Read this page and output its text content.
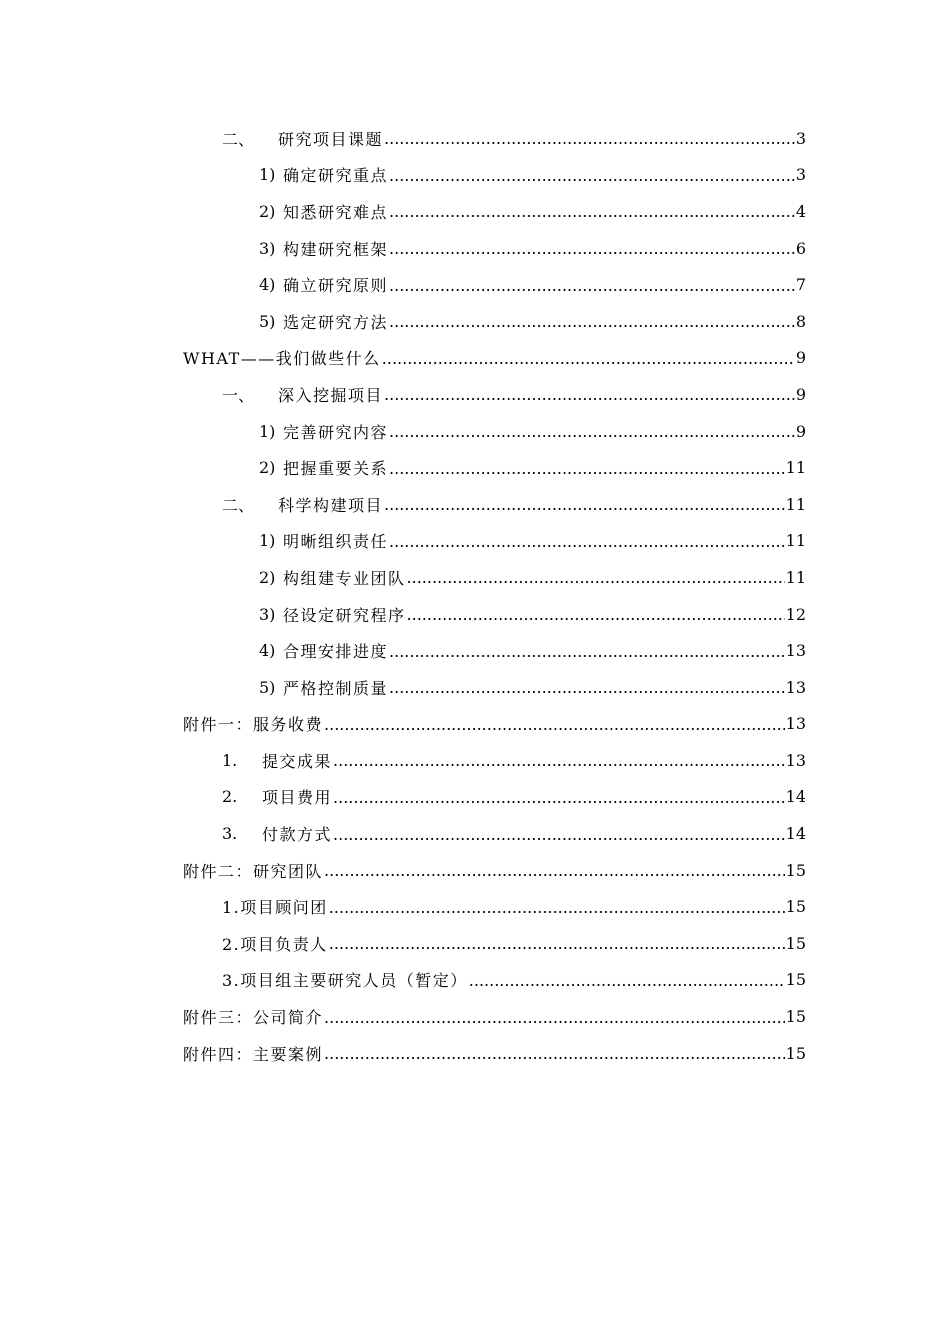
二、	研究项目课题 .....	3
1) 确定研究重点 .....	3
2) 知悉研究难点 .....	4
3) 构建研究框架 .....	6
4) 确立研究原则 .....	7
5) 选定研究方法 .....	8
WHAT——我们做些什么 .....	9
一、	深入挖掘项目 .....	9
1) 完善研究内容 .....	9
2) 把握重要关系 .....	11
二、	科学构建项目 .....	11
1) 明晰组织责任 .....	11
2) 构组建专业团队 .....	11
3) 径设定研究程序 .....	12
4) 合理安排进度 .....	13
5) 严格控制质量 .....	13
附件一：服务收费 .....	13
1.	提交成果 .....	13
2.	项目费用 .....	14
3.	付款方式 .....	14
附件二：研究团队 .....	15
1.项目顾问团 .....	15
2.项目负责人 .....	15
3.项目组主要研究人员（暂定） .....	15
附件三：公司简介 .....	15
附件四：主要案例 .....	15
